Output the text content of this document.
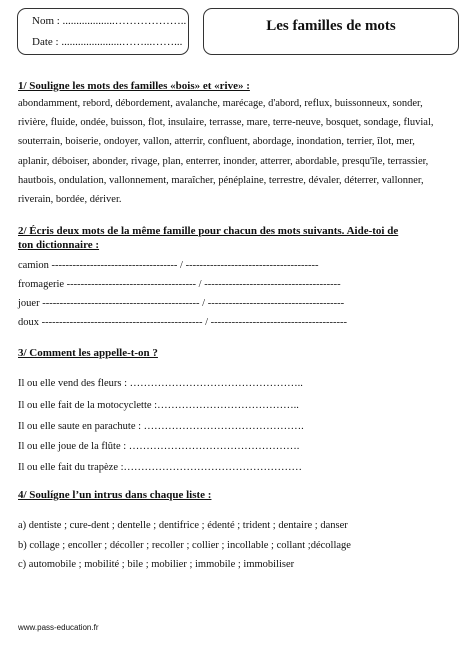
Nom : ...................………………..
Date : ......................……...……...
Les familles de mots
1/ Souligne les mots des familles «bois» et «rive» :
abondamment, rebord, débordement, avalanche, marécage, d'abord, reflux, buissonneux, sonder,
rivière, fluide, ondée, buisson, flot, insulaire, terrasse, mare, terre-neuve, bosquet, sondage, fluvial,
souterrain, boiserie, ondoyer, vallon, atterrir, confluent, abordage, inondation, terrier, îlot, mer,
aplanir, déboiser, abonder, rivage, plan, enterrer, inonder, atterrer, abordable, presqu'île, terrassier,
hautbois, ondulation, vallonnement, maraîcher, pénéplaine, terrestre, dévaler, déterrer, vallonner,
riverain, bordée, dériver.
2/ Écris deux mots de la même famille pour chacun des mots suivants. Aide-toi de
ton dictionnaire :
camion ------------------------------------ / --------------------------------------
fromagerie ------------------------------------- / ---------------------------------------
jouer --------------------------------------------- / ---------------------------------------
doux ---------------------------------------------- / ---------------------------------------
3/ Comment les appelle-t-on ?
Il ou elle vend des fleurs : …………………………………………..
Il ou elle fait de la motocyclette :…………………………………..
Il ou elle saute en parachute : ……………………………………….
Il ou elle joue de la flûte : ………………………………………….
Il ou elle fait du trapèze :……………………………………………
4/ Soulígne l’un intrus dans chaque liste :
a) dentiste ; cure-dent ; dentelle ; dentifrice ; édenté ; trident ; dentaire ; danser
b) collage ; encoller ; décoller ; recoller ; collier ; incollable ; collant ;décollage
c) automobile ; mobilité ; bile ; mobilier ; immobile ; immobiliser
www.pass-education.fr
